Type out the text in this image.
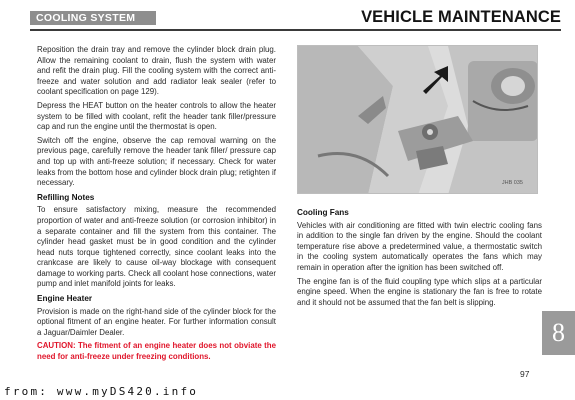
COOLING SYSTEM	VEHICLE MAINTENANCE

Reposition the drain tray and remove the cylinder block drain plug. Allow the remaining coolant to drain, flush the system with water and refit the drain plug. Fill the cooling system with the correct anti-freeze and water solution and add radiator leak sealer (refer to coolant specification on page 129).

Depress the HEAT button on the heater controls to allow the heater system to be filled with coolant, refit the header tank filler/pressure cap and run the engine until the thermostat is open.

Switch off the engine, observe the cap removal warning on the previous page, carefully remove the header tank filler/ pressure cap and top up with anti-freeze solution; if necessary. Check for water leaks from the bottom hose and cylinder block drain plug; retighten if necessary.

Refilling Notes

To ensure satisfactory mixing, measure the recommended proportion of water and anti-freeze solution (or corrosion inhibitor) in a separate container and fill the system from this container. The cylinder head gasket must be in good condition and the cylinder head nuts torque tightened correctly, since coolant leaks into the crankcase are likely to cause oil-way blockage with consequent damage to working parts. Check all coolant hose connections, water pump and inlet manifold joints for leaks.

Engine Heater

Provision is made on the right-hand side of the cylinder block for the optional fitment of an engine heater. For further information consult a Jaguar/Daimler Dealer.

CAUTION: The fitment of an engine heater does not obviate the need for anti-freeze under freezing conditions.

JHB 035
Cooling Fans

Vehicles with air conditioning are fitted with twin electric cooling fans in addition to the single fan driven by the engine. Should the coolant temperature rise above a predetermined value, a thermostatic switch in the cooling system automatically operates the fans which may remain in operation after the ignition has been switched off.

The engine fan is of the fluid coupling type which slips at a particular engine speed. When the engine is stationary the fan is free to rotate and it should not be assumed that the fan belt is slipping.

8
97
from: www.myDS420.info
